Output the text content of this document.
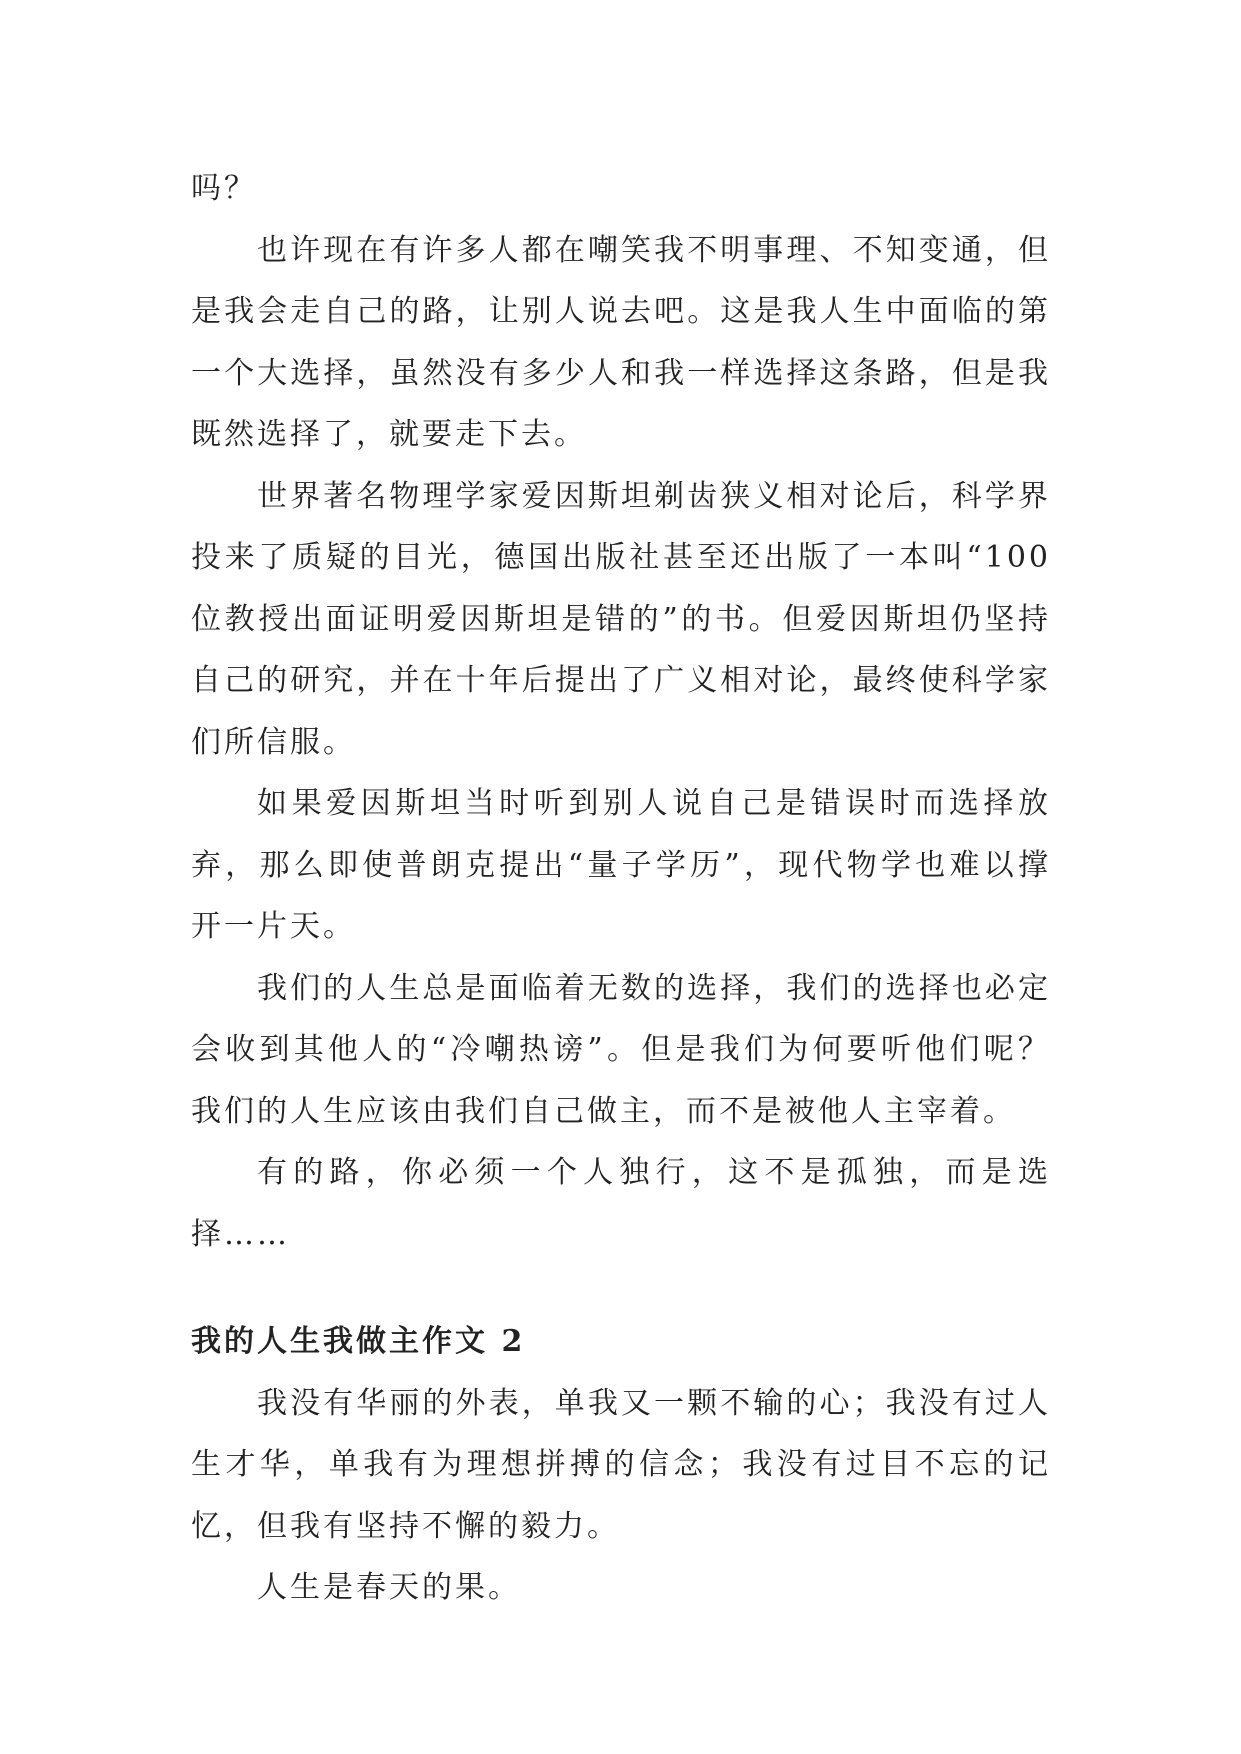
吗？

也许现在有许多人都在嘲笑我不明事理、不知变通，但是我会走自己的路，让别人说去吧。这是我人生中面临的第一个大选择，虽然没有多少人和我一样选择这条路，但是我既然选择了，就要走下去。

世界著名物理学家爱因斯坦剃齿狭义相对论后，科学界投来了质疑的目光，德国出版社甚至还出版了一本叫“100位教授出面证明爱因斯坦是错的”的书。但爱因斯坦仍坚持自己的研究，并在十年后提出了广义相对论，最终使科学家们所信服。

如果爱因斯坦当时听到别人说自己是错误时而选择放弃，那么即使普朗克提出“量子学历”，现代物学也难以撑开一片天。

我们的人生总是面临着无数的选择，我们的选择也必定会收到其他人的“冷嘲热谤”。但是我们为何要听他们呢？我们的人生应该由我们自己做主，而不是被他人主宰着。

有的路，你必须一个人独行，这不是孤独，而是选择……

我的人生我做主作文 2

我没有华丽的外表，单我又一颗不输的心；我没有过人生才华，单我有为理想拼搏的信念；我没有过目不忘的记忆，但我有坚持不懈的毅力。

人生是春天的果。
